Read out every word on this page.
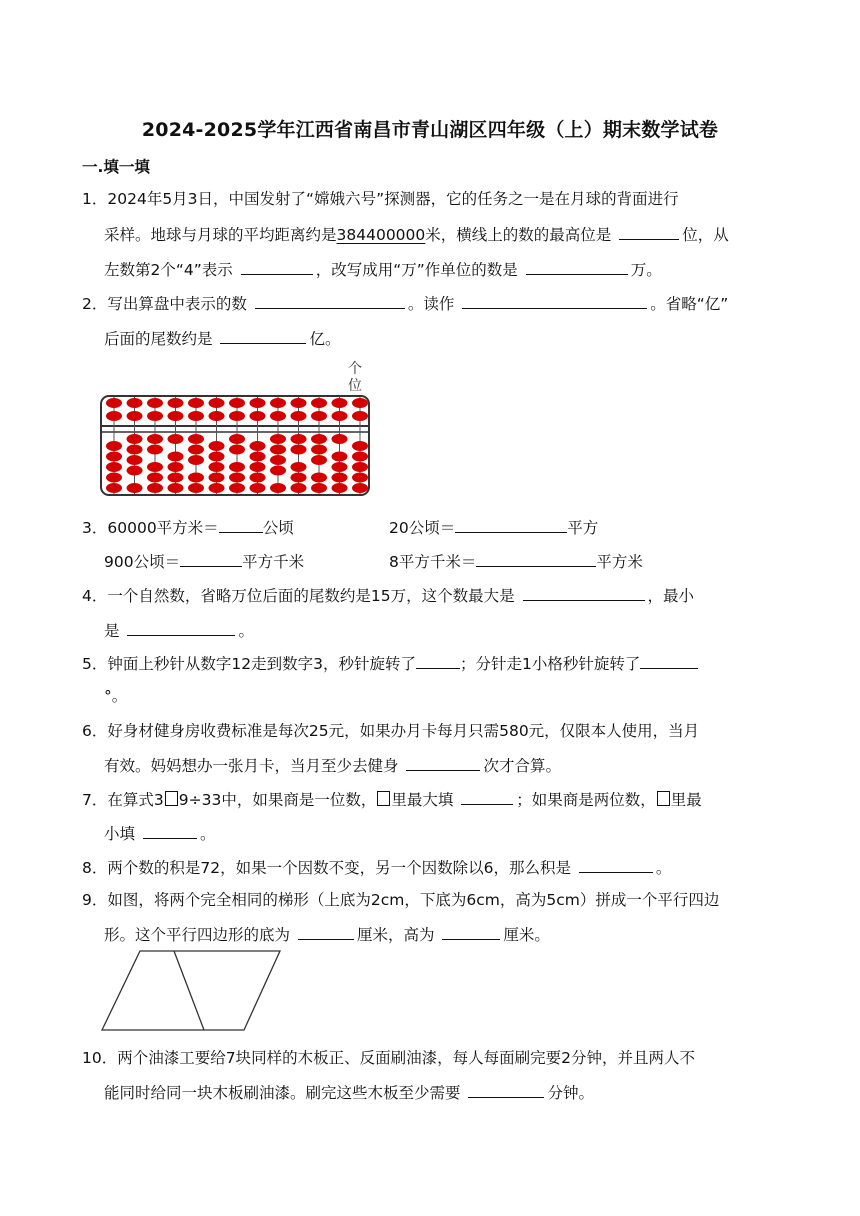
2024-2025学年江西省南昌市青山湖区四年级（上）期末数学试卷
一.填一填
1．2024年5月3日，中国发射了“嫦娥六号”探测器，它的任务之一是在月球的背面进行
采样。地球与月球的平均距离约是384400000米，横线上的数的最高位是	位，从
左数第2个“4”表示	，改写成用“万”作单位的数是	万。
2．写出算盘中表示的数	。读作	。省略“亿”
后面的尾数约是	亿。
个
位
3．60000平方米＝	公顷	20公顷＝	平方
900公顷＝	平方千米	8平方千米＝	平方米
4．一个自然数，省略万位后面的尾数约是15万，这个数最大是	，最小
是	。
5．钟面上秒针从数字12走到数字3，秒针旋转了	；分针走1小格秒针旋转了
°。
6．好身材健身房收费标准是每次25元，如果办月卡每月只需580元，仅限本人使用，当月
有效。妈妈想办一张月卡，当月至少去健身	次才合算。
7．在算式3 9÷33中，如果商是一位数， 里最大填	；如果商是两位数， 里最
小填	。
8．两个数的积是72，如果一个因数不变，另一个因数除以6，那么积是	。
9．如图，将两个完全相同的梯形（上底为2cm，下底为6cm，高为5cm）拼成一个平行四边
形。这个平行四边形的底为	厘米，高为	厘米。
10．两个油漆工要给7块同样的木板正、反面刷油漆，每人每面刷完要2分钟，并且两人不
能同时给同一块木板刷油漆。刷完这些木板至少需要	分钟。
